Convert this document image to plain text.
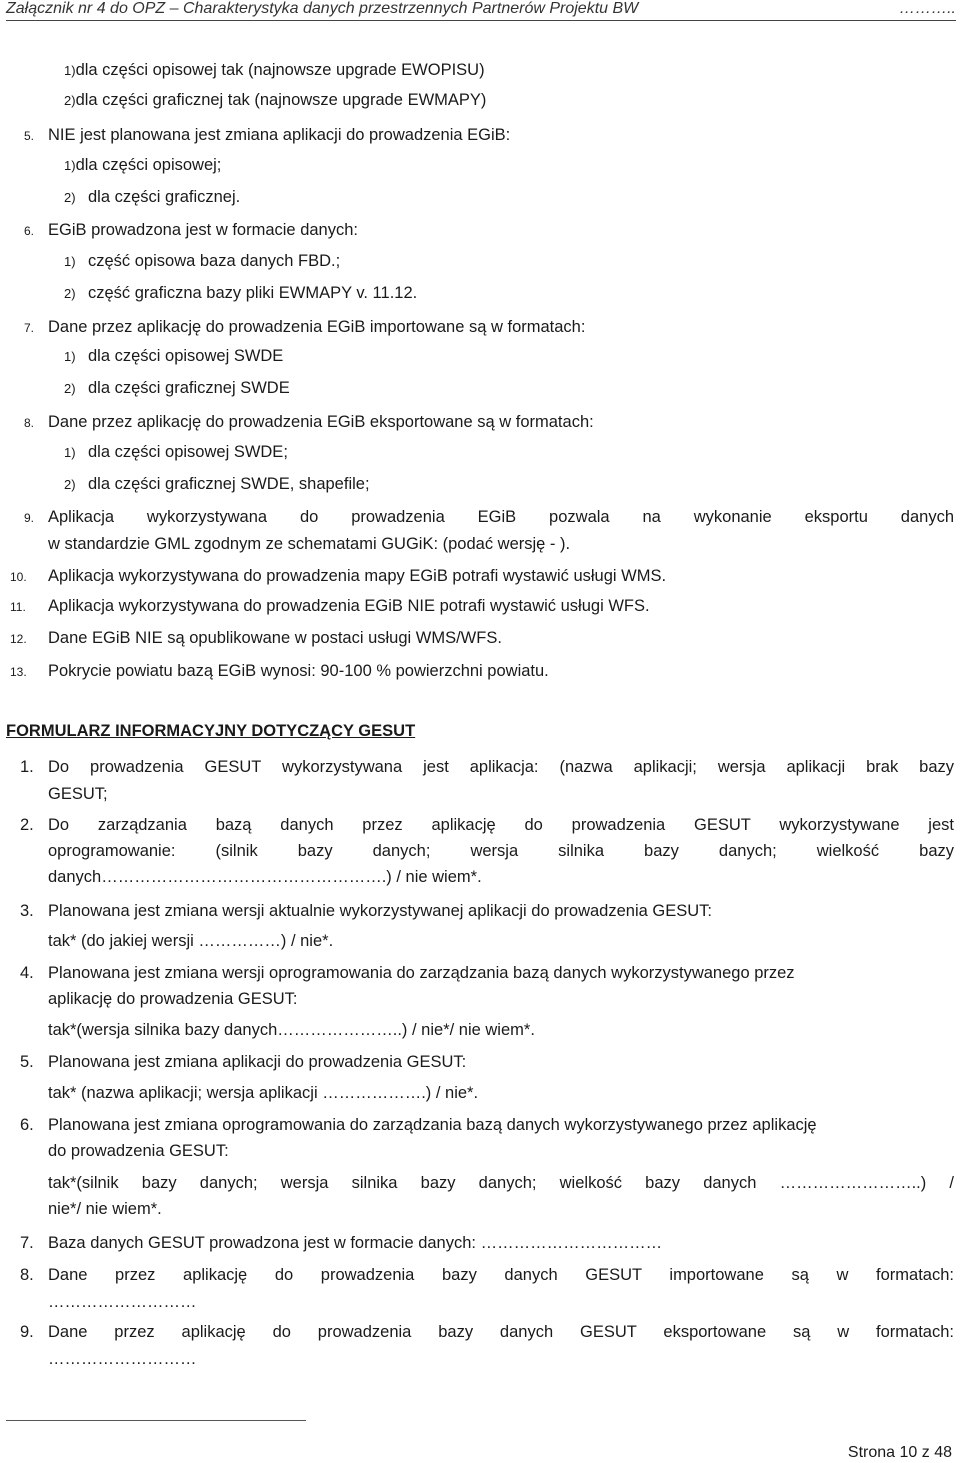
Załącznik nr 4 do OPZ – Charakterystyka danych przestrzennych Partnerów Projektu BW	………..
1)dla części opisowej tak (najnowsze upgrade EWOPISU)
2)dla części graficznej tak (najnowsze upgrade EWMAPY)
5. NIE jest planowana jest zmiana aplikacji do prowadzenia EGiB:
1)dla części opisowej;
2) dla części graficznej.
6. EGiB prowadzona jest w formacie danych:
1) część opisowa baza danych FBD.;
2) część graficzna bazy pliki EWMAPY v. 11.12.
7. Dane przez aplikację do prowadzenia EGiB importowane są w formatach:
1) dla części opisowej SWDE
2) dla części graficznej SWDE
8. Dane przez aplikację do prowadzenia EGiB eksportowane są w formatach:
1) dla części opisowej SWDE;
2) dla części graficznej SWDE, shapefile;
9. Aplikacja wykorzystywana do prowadzenia EGiB pozwala na wykonanie eksportu danych
w standardzie GML zgodnym ze schematami GUGiK: (podać wersję - ).
10. Aplikacja wykorzystywana do prowadzenia mapy EGiB potrafi wystawić usługi WMS.
11. Aplikacja wykorzystywana do prowadzenia EGiB NIE potrafi wystawić usługi WFS.
12. Dane EGiB NIE są opublikowane w postaci usługi WMS/WFS.
13. Pokrycie powiatu bazą EGiB wynosi: 90-100 % powierzchni powiatu.
FORMULARZ INFORMACYJNY DOTYCZĄCY GESUT
1. Do prowadzenia GESUT wykorzystywana jest aplikacja: (nazwa aplikacji; wersja aplikacji brak bazy
GESUT;
2. Do zarządzania bazą danych przez aplikację do prowadzenia GESUT wykorzystywane jest
oprogramowanie: (silnik bazy danych; wersja silnika bazy danych; wielkość bazy
danych…………………………………………….) / nie wiem*.
3. Planowana jest zmiana wersji aktualnie wykorzystywanej aplikacji do prowadzenia GESUT:
tak* (do jakiej wersji ……………) / nie*.
4. Planowana jest zmiana wersji oprogramowania do zarządzania bazą danych wykorzystywanego przez
aplikację do prowadzenia GESUT:
tak*(wersja silnika bazy danych…………………..) / nie*/ nie wiem*.
5. Planowana jest zmiana aplikacji do prowadzenia GESUT:
tak* (nazwa aplikacji; wersja aplikacji ……………….) / nie*.
6. Planowana jest zmiana oprogramowania do zarządzania bazą danych wykorzystywanego przez aplikację
do prowadzenia GESUT:
tak*(silnik bazy danych; wersja silnika bazy danych; wielkość bazy danych ……………………..) /
nie*/ nie wiem*.
7. Baza danych GESUT prowadzona jest w formacie danych: ……………………………
8. Dane przez aplikację do prowadzenia bazy danych GESUT importowane są w formatach:
………………………
9. Dane przez aplikację do prowadzenia bazy danych GESUT eksportowane są w formatach:
………………………
Strona 10 z 48
